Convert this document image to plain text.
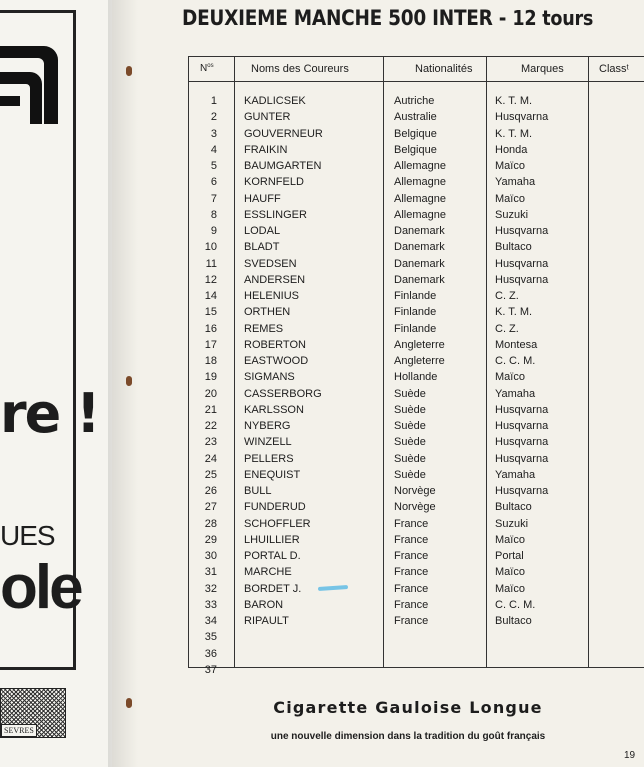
re !
UES
ole
SEVRES
DEUXIEME MANCHE 500 INTER - 12 tours
$N^{os}$	Noms des Coureurs	Nationalités	Marques	Classᵗ
1 KADLICSEK	Autriche	K. T. M.
2 GUNTER	Australie	Husqvarna
3 GOUVERNEUR	Belgique	K. T. M.
4 FRAIKIN	Belgique	Honda
5 BAUMGARTEN	Allemagne	Maïco
6 KORNFELD	Allemagne	Yamaha
7 HAUFF	Allemagne	Maïco
8 ESSLINGER	Allemagne	Suzuki
9 LODAL	Danemark	Husqvarna
10 BLADT	Danemark	Bultaco
11 SVEDSEN	Danemark	Husqvarna
12 ANDERSEN	Danemark	Husqvarna
14 HELENIUS	Finlande	C. Z.
15 ORTHEN	Finlande	K. T. M.
16 REMES	Finlande	C. Z.
17 ROBERTON	Angleterre	Montesa
18 EASTWOOD	Angleterre	C. C. M.
19 SIGMANS	Hollande	Maïco
20 CASSERBORG	Suède	Yamaha
21 KARLSSON	Suède	Husqvarna
22 NYBERG	Suède	Husqvarna
23 WINZELL	Suède	Husqvarna
24 PELLERS	Suède	Husqvarna
25 ENEQUIST	Suède	Yamaha
26 BULL	Norvège	Husqvarna
27 FUNDERUD	Norvège	Bultaco
28 SCHOFFLER	France	Suzuki
29 LHUILLIER	France	Maïco
30 PORTAL D.	France	Portal
31 MARCHE	France	Maïco
32 BORDET J.	France	Maïco
33 BARON	France	C. C. M.
34 RIPAULT	France	Bultaco
35
36
37
Cigarette Gauloise Longue
une nouvelle dimension dans la tradition du goût français
19
